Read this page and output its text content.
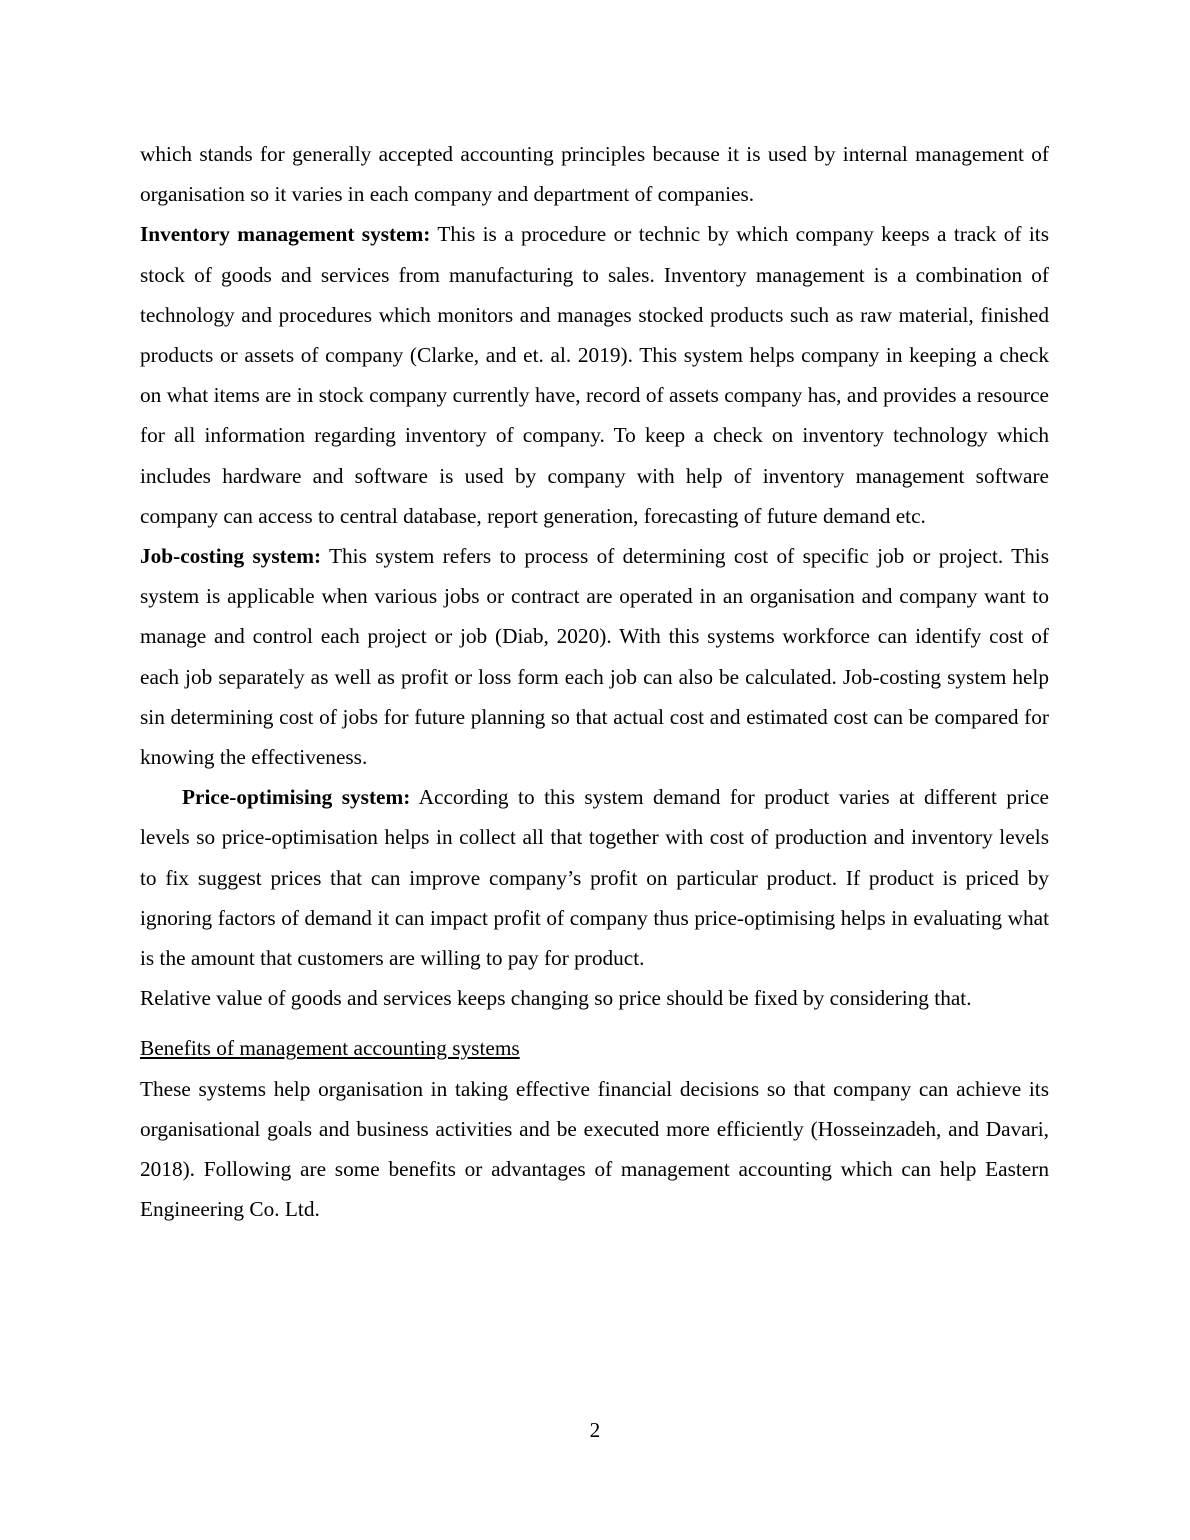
which stands for generally accepted accounting principles because it is used by internal management of organisation so it varies in each company and department of companies.

Inventory management system: This is a procedure or technic by which company keeps a track of its stock of goods and services from manufacturing to sales. Inventory management is a combination of technology and procedures which monitors and manages stocked products such as raw material, finished products or assets of company (Clarke, and et. al. 2019). This system helps company in keeping a check on what items are in stock company currently have, record of assets company has, and provides a resource for all information regarding inventory of company. To keep a check on inventory technology which includes hardware and software is used by company with help of inventory management software company can access to central database, report generation, forecasting of future demand etc.

Job-costing system: This system refers to process of determining cost of specific job or project. This system is applicable when various jobs or contract are operated in an organisation and company want to manage and control each project or job (Diab, 2020). With this systems workforce can identify cost of each job separately as well as profit or loss form each job can also be calculated. Job-costing system help sin determining cost of jobs for future planning so that actual cost and estimated cost can be compared for knowing the effectiveness.

Price-optimising system: According to this system demand for product varies at different price levels so price-optimisation helps in collect all that together with cost of production and inventory levels to fix suggest prices that can improve company’s profit on particular product. If product is priced by ignoring factors of demand it can impact profit of company thus price-optimising helps in evaluating what is the amount that customers are willing to pay for product.

Relative value of goods and services keeps changing so price should be fixed by considering that.

Benefits of management accounting systems

These systems help organisation in taking effective financial decisions so that company can achieve its organisational goals and business activities and be executed more efficiently (Hosseinzadeh, and Davari, 2018). Following are some benefits or advantages of management accounting which can help Eastern Engineering Co. Ltd.

2
